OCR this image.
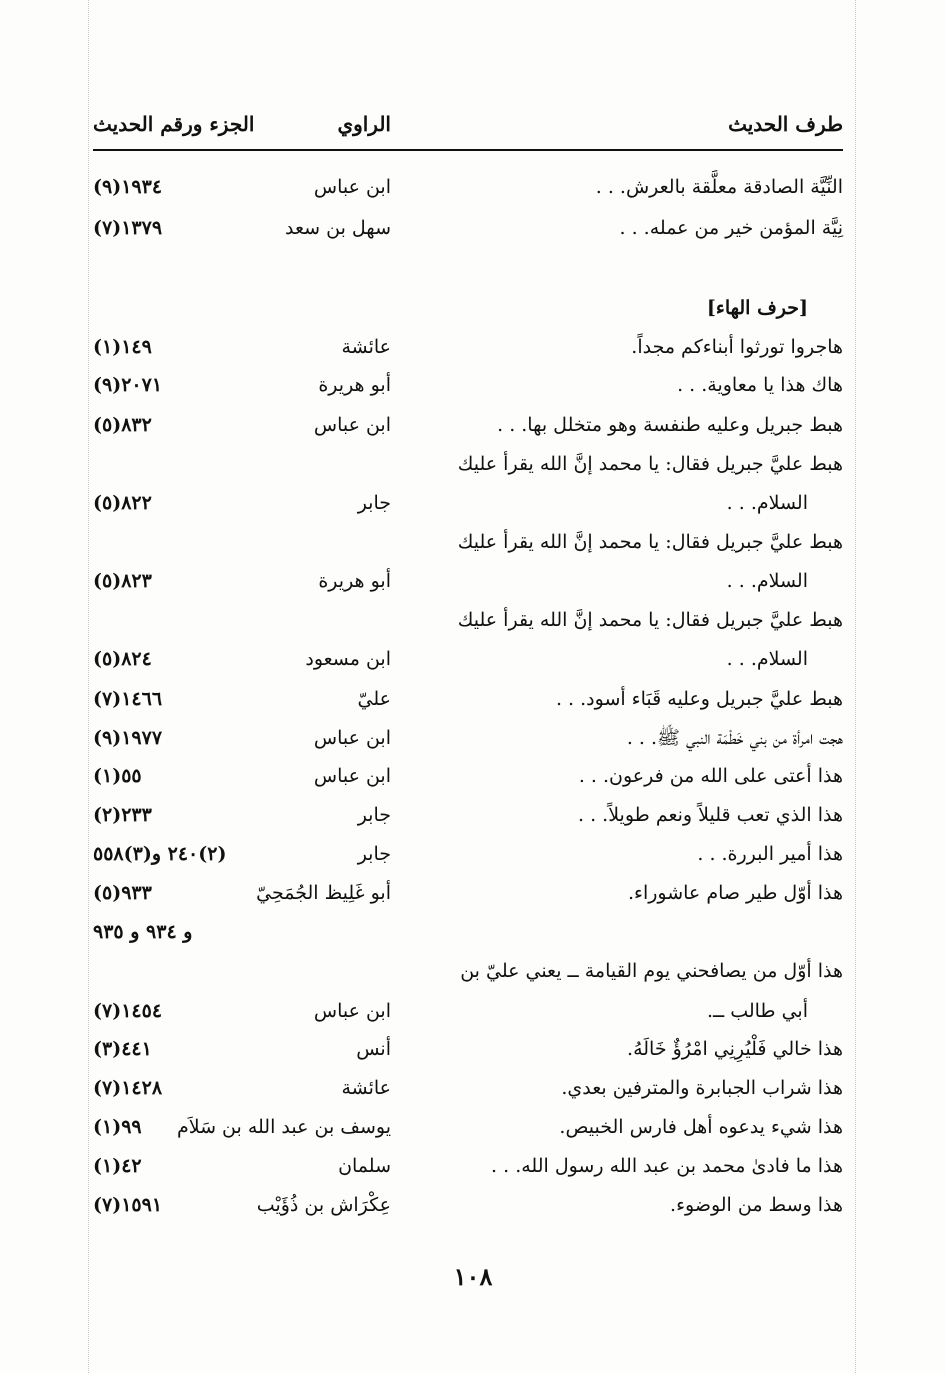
طرف الحديث
الراوي
الجزء ورقم الحديث
النِّيَّة الصادقة معلَّقة بالعرش. . .
ابن عباس
١٩٣٤(٩)
نِيَّة المؤمن خير من عمله. . .
سهل بن سعد
١٣٧٩(٧)
[حرف الهاء]
هاجروا تورثوا أبناءكم مجداً.
عائشة
١٤٩(١)
هاك هذا يا معاوية. . .
أبو هريرة
٢٠٧١(٩)
هبط جبريل وعليه طنفسة وهو متخلل بها. . .
ابن عباس
٨٣٢(٥)
هبط عليَّ جبريل فقال: يا محمد إنَّ الله يقرأ عليك
السلام. . .
جابر
٨٢٢(٥)
هبط عليَّ جبريل فقال: يا محمد إنَّ الله يقرأ عليك
السلام. . .
أبو هريرة
٨٢٣(٥)
هبط عليَّ جبريل فقال: يا محمد إنَّ الله يقرأ عليك
السلام. . .
ابن مسعود
٨٢٤(٥)
هبط عليَّ جبريل وعليه قَبَاء أسود. . .
عليّ
١٤٦٦(٧)
هجت امرأة من بني خَطْمَة النبي ﷺ. . .
ابن عباس
١٩٧٧(٩)
هذا أعتى على الله من فرعون. . .
ابن عباس
٥٥(١)
هذا الذي تعب قليلاً ونعم طويلاً. . .
جابر
٢٣٣(٢)
هذا أمير البررة. . .
جابر
(٢)٢٤٠ و(٣)٥٥٨
هذا أوّل طير صام عاشوراء.
أبو غَلِيظ الجُمَحِيّ
٩٣٣(٥)
و ٩٣٤ و ٩٣٥
هذا أوّل من يصافحني يوم القيامة ــ يعني عليّ بن
أبي طالب ــ.
ابن عباس
١٤٥٤(٧)
هذا خالي فَلْيُرِنِي امْرُؤٌ خَالَهُ.
أنس
٤٤١(٣)
هذا شراب الجبابرة والمترفين بعدي.
عائشة
١٤٢٨(٧)
هذا شيء يدعوه أهل فارس الخبيص.
يوسف بن عبد الله بن سَلاَم
٩٩(١)
هذا ما فادىٰ محمد بن عبد الله رسول الله. . .
سلمان
٤٢(١)
هذا وسط من الوضوء.
عِكْرَاش بن ذُؤَيْب
١٥٩١(٧)
١٠٨
